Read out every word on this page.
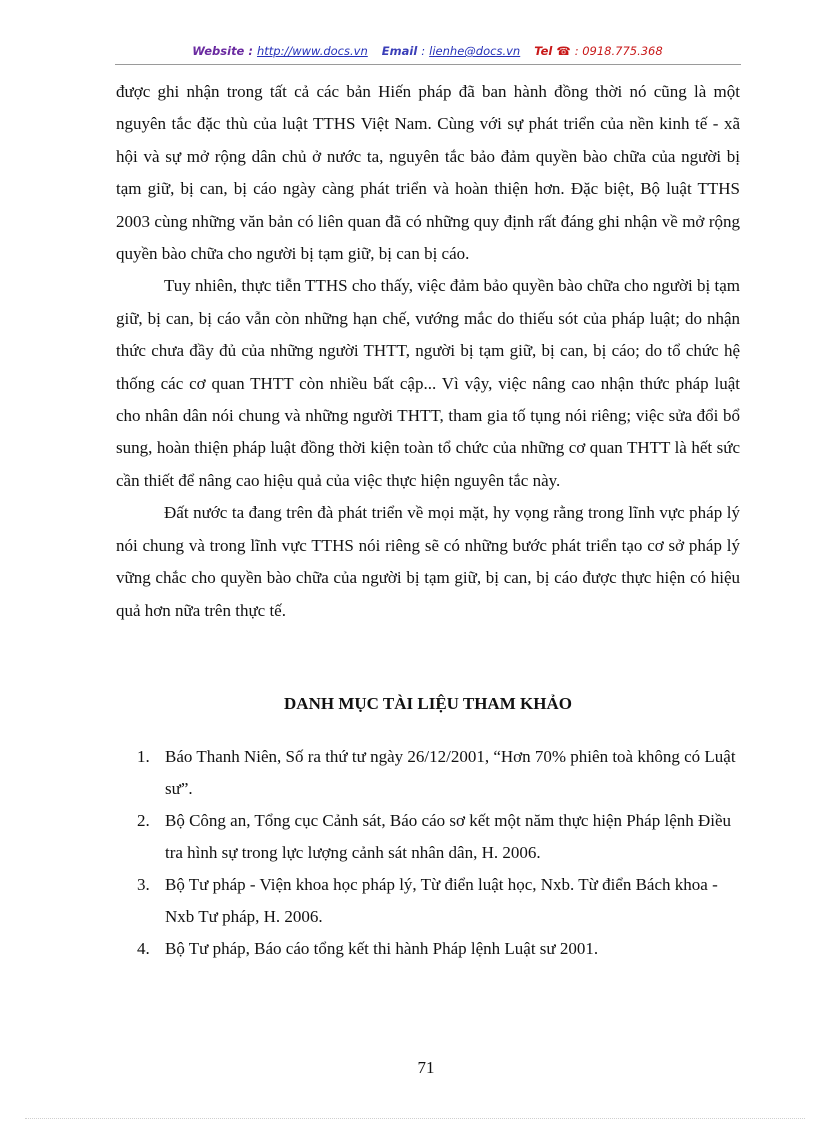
Website : http://www.docs.vn Email : lienhe@docs.vn Tel ☎ : 0918.775.368

được ghi nhận trong tất cả các bản Hiến pháp đã ban hành đồng thời nó cũng là một nguyên tắc đặc thù của luật TTHS Việt Nam. Cùng với sự phát triển của nền kinh tế - xã hội và sự mở rộng dân chủ ở nước ta, nguyên tắc bảo đảm quyền bào chữa của người bị tạm giữ, bị can, bị cáo ngày càng phát triển và hoàn thiện hơn. Đặc biệt, Bộ luật TTHS 2003 cùng những văn bản có liên quan đã có những quy định rất đáng ghi nhận về mở rộng quyền bào chữa cho người bị tạm giữ, bị can bị cáo.

Tuy nhiên, thực tiễn TTHS cho thấy, việc đảm bảo quyền bào chữa cho người bị tạm giữ, bị can, bị cáo vẫn còn những hạn chế, vướng mắc do thiếu sót của pháp luật; do nhận thức chưa đầy đủ của những người THTT, người bị tạm giữ, bị can, bị cáo; do tổ chức hệ thống các cơ quan THTT còn nhiều bất cập... Vì vậy, việc nâng cao nhận thức pháp luật cho nhân dân nói chung và những người THTT, tham gia tố tụng nói riêng; việc sửa đổi bổ sung, hoàn thiện pháp luật đồng thời kiện toàn tổ chức của những cơ quan THTT là hết sức cần thiết để nâng cao hiệu quả của việc thực hiện nguyên tắc này.

Đất nước ta đang trên đà phát triển về mọi mặt, hy vọng rằng trong lĩnh vực pháp lý nói chung và trong lĩnh vực TTHS nói riêng sẽ có những bước phát triển tạo cơ sở pháp lý vững chắc cho quyền bào chữa của người bị tạm giữ, bị can, bị cáo được thực hiện có hiệu quả hơn nữa trên thực tế.

DANH MỤC TÀI LIỆU THAM KHẢO
1. Báo Thanh Niên, Số ra thứ tư ngày 26/12/2001, “Hơn 70% phiên toà không có Luật sư”.
2. Bộ Công an, Tổng cục Cảnh sát, Báo cáo sơ kết một năm thực hiện Pháp lệnh Điều tra hình sự trong lực lượng cảnh sát nhân dân, H. 2006.
3. Bộ Tư pháp - Viện khoa học pháp lý, Từ điển luật học, Nxb. Từ điển Bách khoa - Nxb Tư pháp, H. 2006.
4. Bộ Tư pháp, Báo cáo tổng kết thi hành Pháp lệnh Luật sư 2001.
71
